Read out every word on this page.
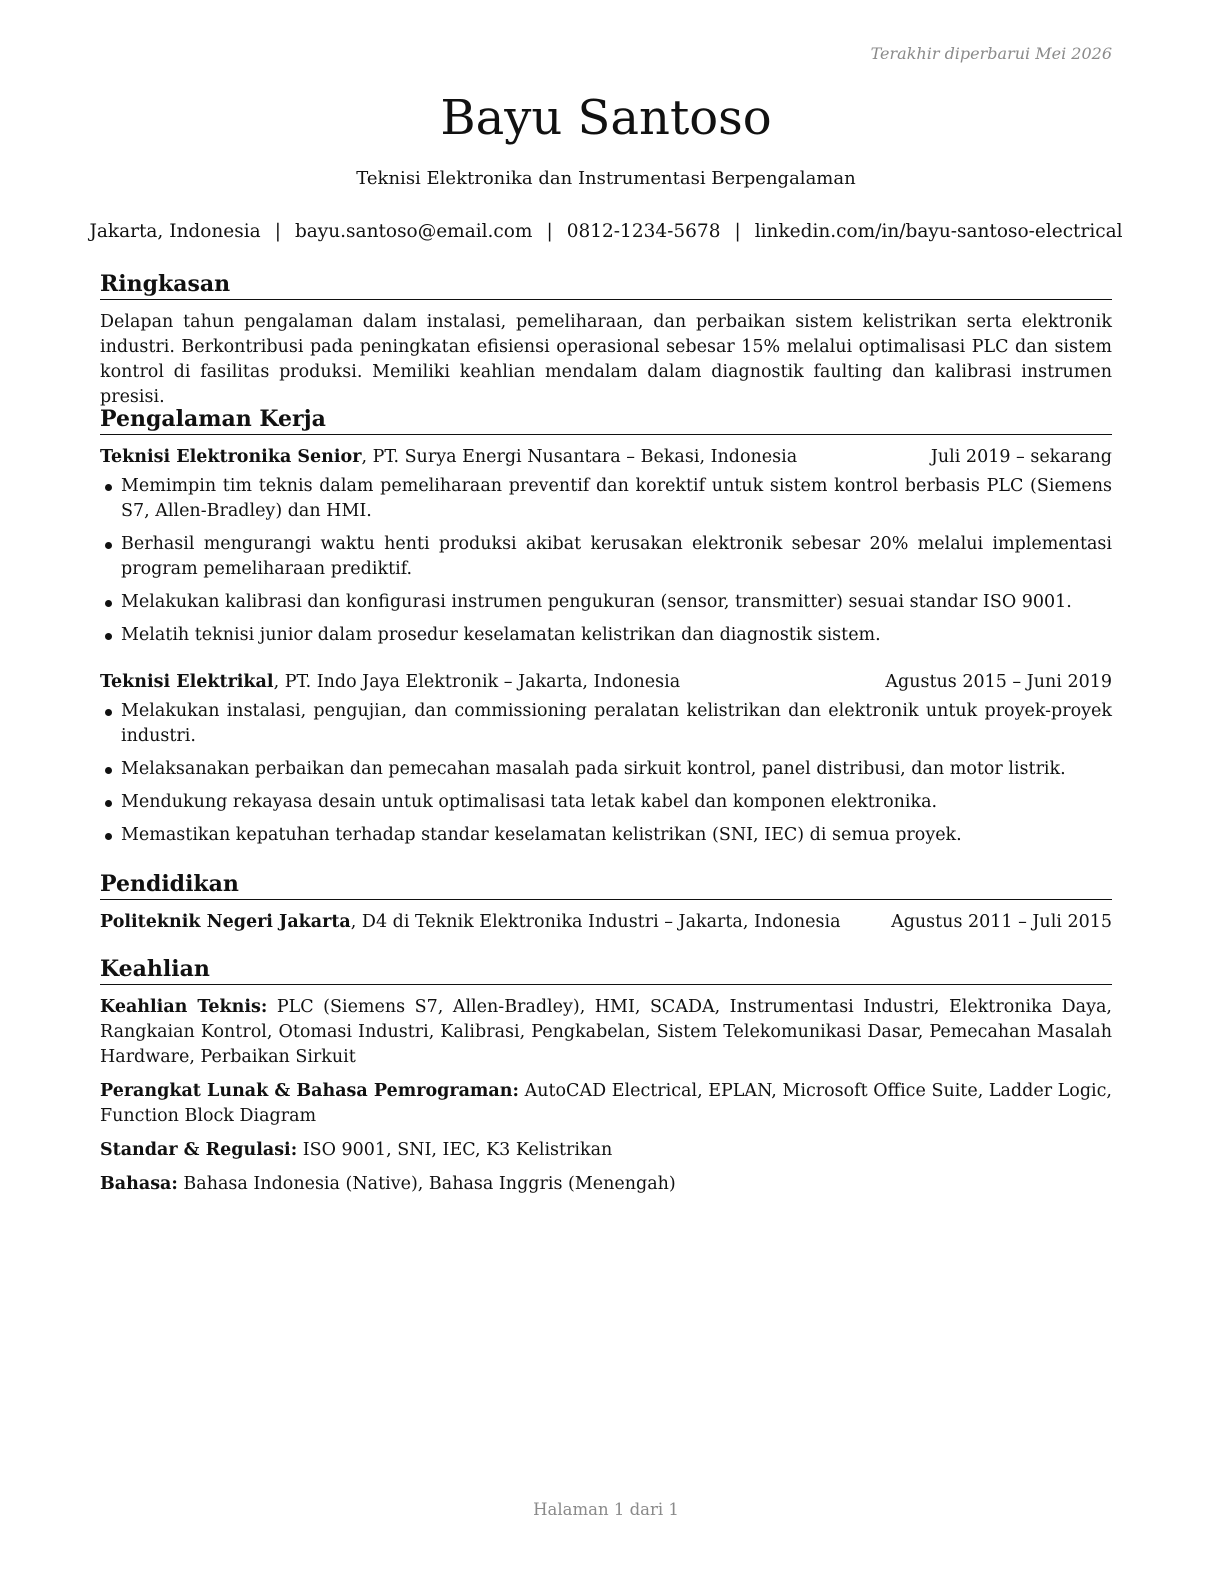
Terakhir diperbarui Mei 2026
Bayu Santoso
Teknisi Elektronika dan Instrumentasi Berpengalaman
Jakarta, Indonesia | bayu.santoso@email.com | 0812-1234-5678 | linkedin.com/in/bayu-santoso-electrical
Ringkasan

Delapan tahun pengalaman dalam instalasi, pemeliharaan, dan perbaikan sistem kelistrikan serta elektronik industri. Berkontribusi pada peningkatan efisiensi operasional sebesar 15% melalui optimalisasi PLC dan sistem kontrol di fasilitas produksi. Memiliki keahlian mendalam dalam diagnostik faulting dan kalibrasi instrumen presisi.

Pengalaman Kerja
Teknisi Elektronika Senior, PT. Surya Energi Nusantara – Bekasi, Indonesia	Juli 2019 – sekarang
Memimpin tim teknis dalam pemeliharaan preventif dan korektif untuk sistem kontrol berbasis PLC (Siemens S7, Allen-Bradley) dan HMI.
Berhasil mengurangi waktu henti produksi akibat kerusakan elektronik sebesar 20% melalui implementasi program pemeliharaan prediktif.
Melakukan kalibrasi dan konfigurasi instrumen pengukuran (sensor, transmitter) sesuai standar ISO 9001.
Melatih teknisi junior dalam prosedur keselamatan kelistrikan dan diagnostik sistem.
Teknisi Elektrikal, PT. Indo Jaya Elektronik – Jakarta, Indonesia	Agustus 2015 – Juni 2019
Melakukan instalasi, pengujian, dan commissioning peralatan kelistrikan dan elektronik untuk proyek-proyek industri.
Melaksanakan perbaikan dan pemecahan masalah pada sirkuit kontrol, panel distribusi, dan motor listrik.
Mendukung rekayasa desain untuk optimalisasi tata letak kabel dan komponen elektronika.
Memastikan kepatuhan terhadap standar keselamatan kelistrikan (SNI, IEC) di semua proyek.
Pendidikan
Politeknik Negeri Jakarta, D4 di Teknik Elektronika Industri – Jakarta, Indonesia	Agustus 2011 – Juli 2015
Keahlian
Keahlian Teknis: PLC (Siemens S7, Allen-Bradley), HMI, SCADA, Instrumentasi Industri, Elektronika Daya, Rangkaian Kontrol, Otomasi Industri, Kalibrasi, Pengkabelan, Sistem Telekomunikasi Dasar, Pemecahan Masalah Hardware, Perbaikan Sirkuit
Perangkat Lunak & Bahasa Pemrograman: AutoCAD Electrical, EPLAN, Microsoft Office Suite, Ladder Logic, Function Block Diagram
Standar & Regulasi: ISO 9001, SNI, IEC, K3 Kelistrikan
Bahasa: Bahasa Indonesia (Native), Bahasa Inggris (Menengah)
Halaman 1 dari 1
